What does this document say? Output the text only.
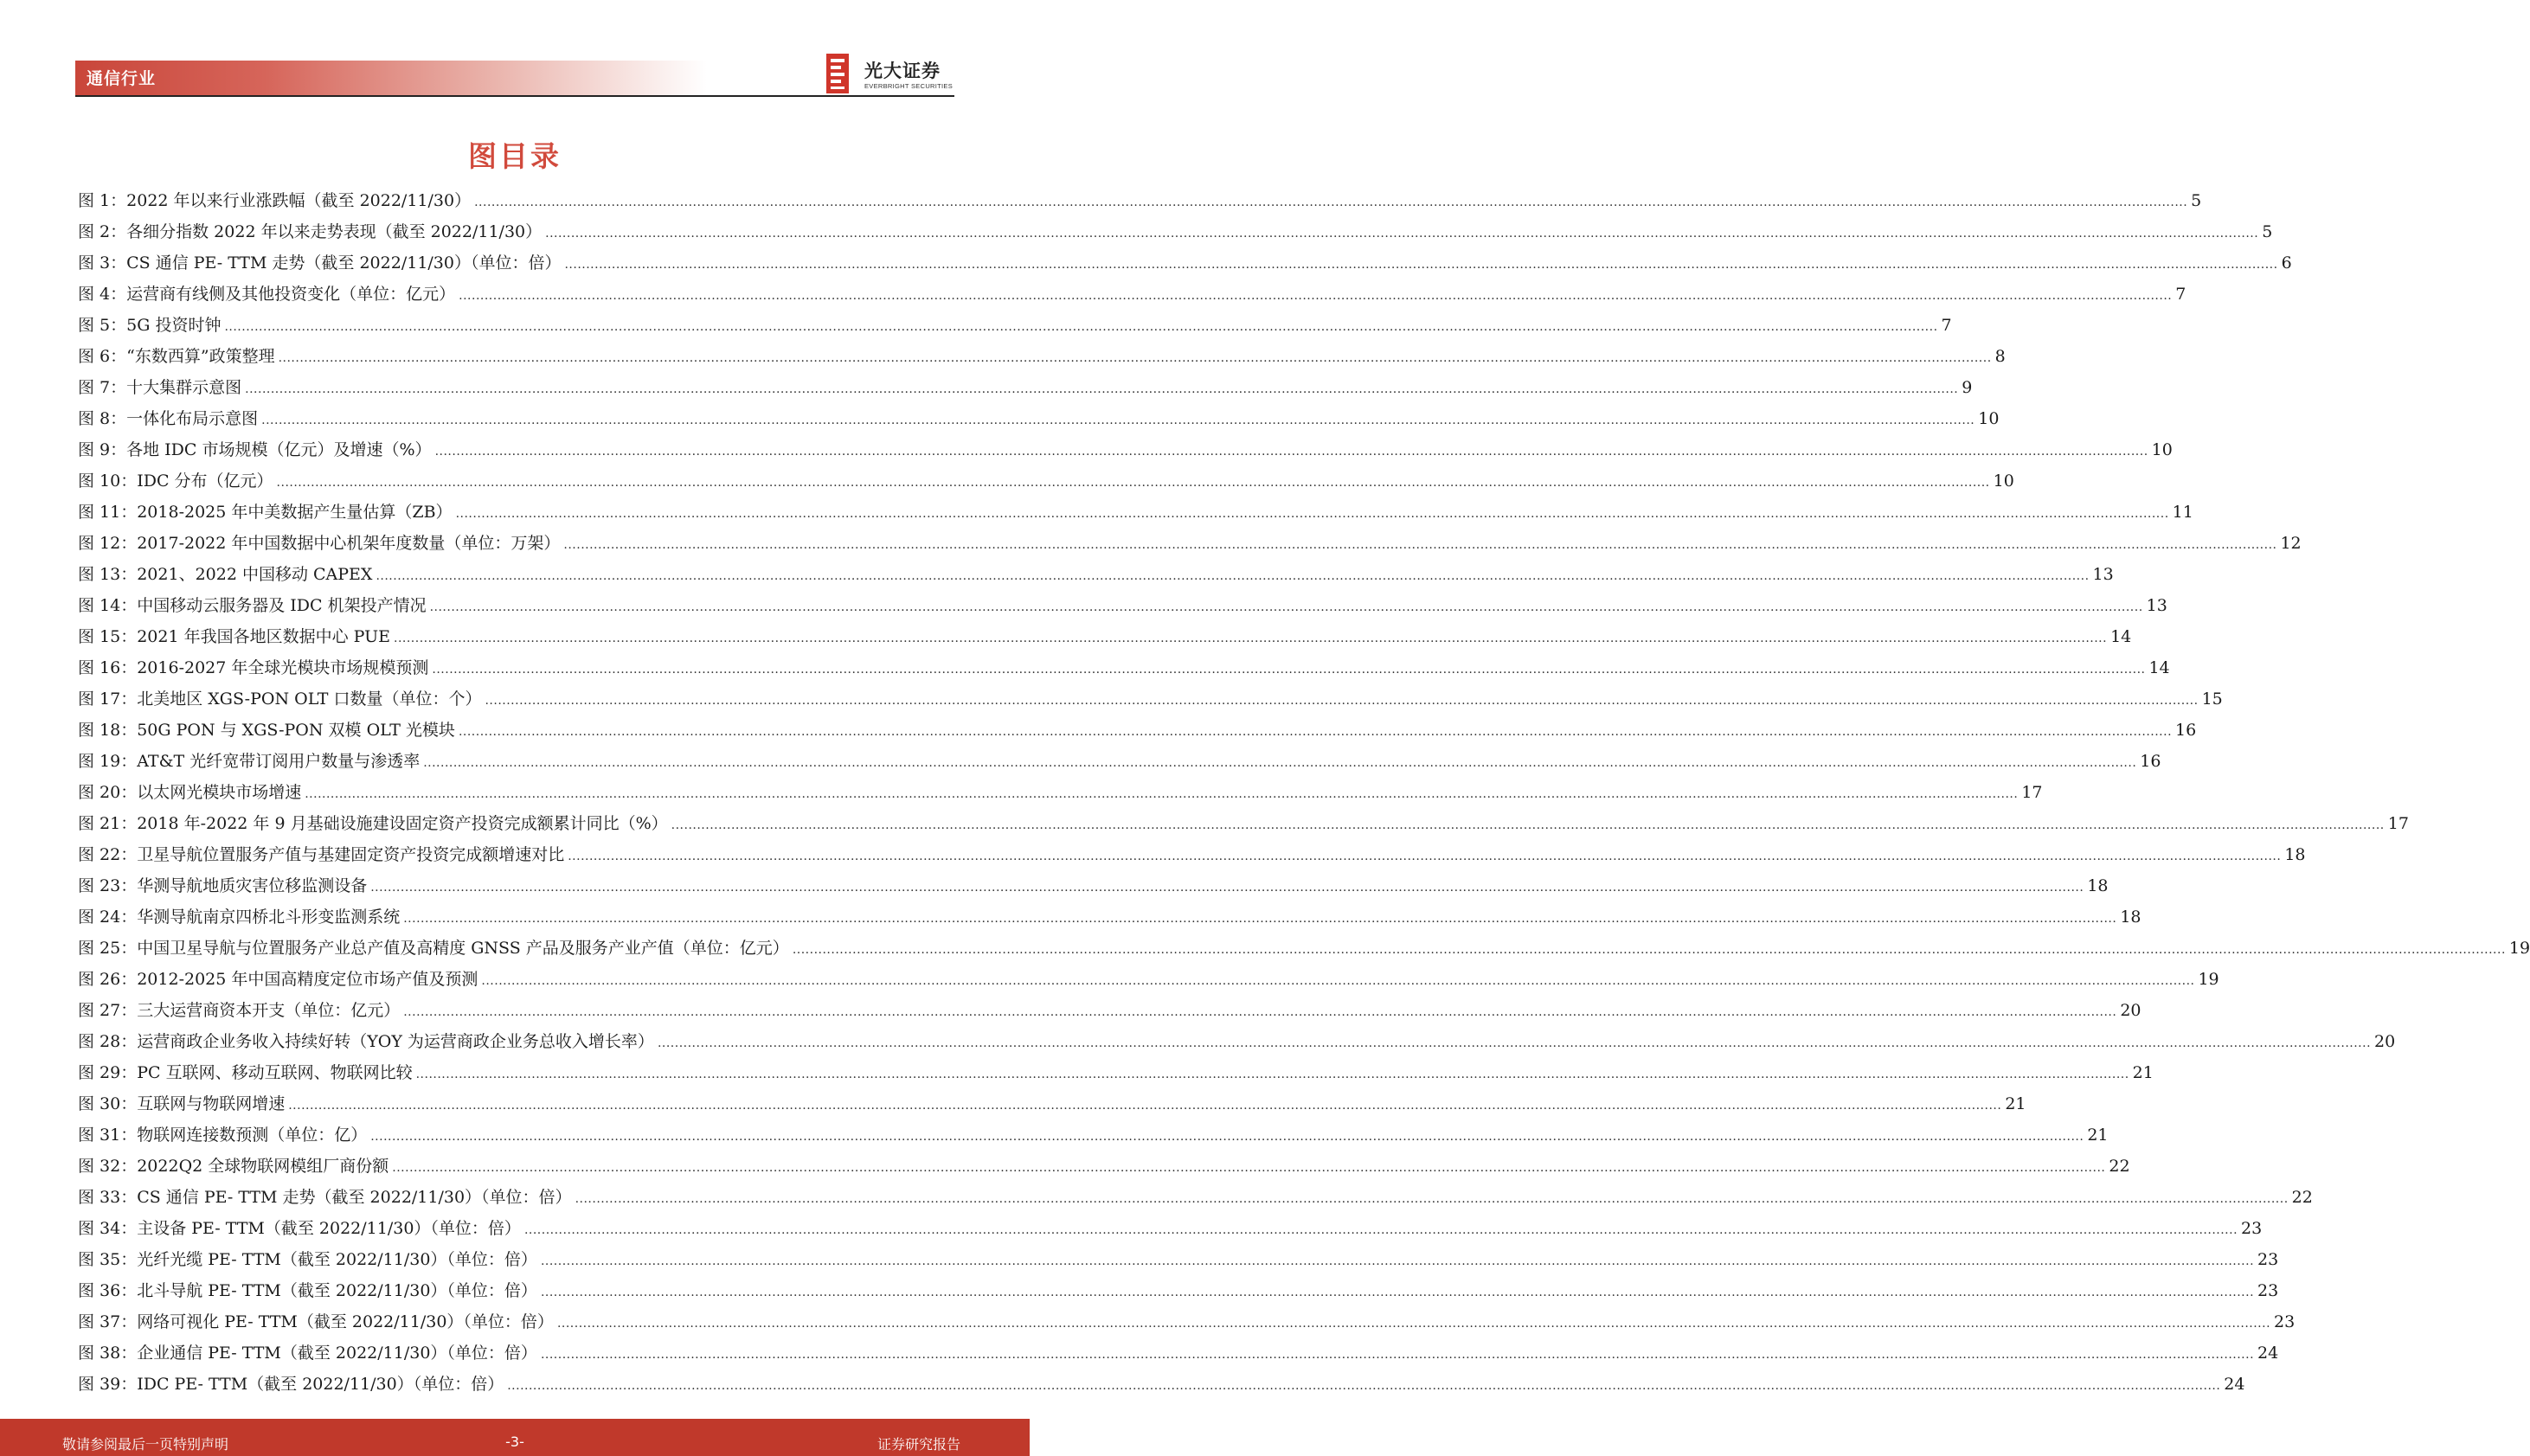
通信行业	光大证券
EVERBRIGHT SECURITIES
图目录
图 1： 2022 年以来行业涨跌幅（截至 2022/11/30） ................................................................................................................................................................................................................................................................................................................................................................................................................ 5
图 2： 各细分指数 2022 年以来走势表现（截至 2022/11/30） ................................................................................................................................................................................................................................................................................................................................................................................................................ 5
图 3： CS 通信 PE- TTM 走势（截至 2022/11/30）（单位：倍） ................................................................................................................................................................................................................................................................................................................................................................................................................ 6
图 4： 运营商有线侧及其他投资变化（单位：亿元） ................................................................................................................................................................................................................................................................................................................................................................................................................ 7
图 5： 5G 投资时钟 ................................................................................................................................................................................................................................................................................................................................................................................................................ 7
图 6： “东数西算”政策整理 ................................................................................................................................................................................................................................................................................................................................................................................................................ 8
图 7： 十大集群示意图 ................................................................................................................................................................................................................................................................................................................................................................................................................ 9
图 8： 一体化布局示意图 ................................................................................................................................................................................................................................................................................................................................................................................................................ 10
图 9： 各地 IDC 市场规模（亿元）及增速（%） ................................................................................................................................................................................................................................................................................................................................................................................................................ 10
图 10： IDC 分布（亿元） ................................................................................................................................................................................................................................................................................................................................................................................................................ 10
图 11： 2018-2025 年中美数据产生量估算（ZB） ................................................................................................................................................................................................................................................................................................................................................................................................................ 11
图 12： 2017-2022 年中国数据中心机架年度数量（单位：万架） ................................................................................................................................................................................................................................................................................................................................................................................................................ 12
图 13： 2021、2022 中国移动 CAPEX ................................................................................................................................................................................................................................................................................................................................................................................................................ 13
图 14： 中国移动云服务器及 IDC 机架投产情况 ................................................................................................................................................................................................................................................................................................................................................................................................................ 13
图 15： 2021 年我国各地区数据中心 PUE ................................................................................................................................................................................................................................................................................................................................................................................................................ 14
图 16： 2016-2027 年全球光模块市场规模预测 ................................................................................................................................................................................................................................................................................................................................................................................................................ 14
图 17： 北美地区 XGS-PON OLT 口数量（单位：个） ................................................................................................................................................................................................................................................................................................................................................................................................................ 15
图 18： 50G PON 与 XGS-PON 双模 OLT 光模块 ................................................................................................................................................................................................................................................................................................................................................................................................................ 16
图 19： AT&T 光纤宽带订阅用户数量与渗透率 ................................................................................................................................................................................................................................................................................................................................................................................................................ 16
图 20： 以太网光模块市场增速 ................................................................................................................................................................................................................................................................................................................................................................................................................ 17
图 21： 2018 年-2022 年 9 月基础设施建设固定资产投资完成额累计同比（%） ................................................................................................................................................................................................................................................................................................................................................................................................................ 17
图 22： 卫星导航位置服务产值与基建固定资产投资完成额增速对比 ................................................................................................................................................................................................................................................................................................................................................................................................................ 18
图 23： 华测导航地质灾害位移监测设备 ................................................................................................................................................................................................................................................................................................................................................................................................................ 18
图 24： 华测导航南京四桥北斗形变监测系统 ................................................................................................................................................................................................................................................................................................................................................................................................................ 18
图 25： 中国卫星导航与位置服务产业总产值及高精度 GNSS 产品及服务产业产值（单位：亿元） ................................................................................................................................................................................................................................................................................................................................................................................................................ 19
图 26： 2012-2025 年中国高精度定位市场产值及预测 ................................................................................................................................................................................................................................................................................................................................................................................................................ 19
图 27： 三大运营商资本开支（单位：亿元） ................................................................................................................................................................................................................................................................................................................................................................................................................ 20
图 28： 运营商政企业务收入持续好转（YOY 为运营商政企业务总收入增长率） ................................................................................................................................................................................................................................................................................................................................................................................................................ 20
图 29： PC 互联网、移动互联网、物联网比较 ................................................................................................................................................................................................................................................................................................................................................................................................................ 21
图 30： 互联网与物联网增速 ................................................................................................................................................................................................................................................................................................................................................................................................................ 21
图 31： 物联网连接数预测（单位：亿） ................................................................................................................................................................................................................................................................................................................................................................................................................ 21
图 32： 2022Q2 全球物联网模组厂商份额 ................................................................................................................................................................................................................................................................................................................................................................................................................ 22
图 33： CS 通信 PE- TTM 走势（截至 2022/11/30）（单位：倍） ................................................................................................................................................................................................................................................................................................................................................................................................................ 22
图 34： 主设备 PE- TTM（截至 2022/11/30）（单位：倍） ................................................................................................................................................................................................................................................................................................................................................................................................................ 23
图 35： 光纤光缆 PE- TTM（截至 2022/11/30）（单位：倍） ................................................................................................................................................................................................................................................................................................................................................................................................................ 23
图 36： 北斗导航 PE- TTM（截至 2022/11/30）（单位：倍） ................................................................................................................................................................................................................................................................................................................................................................................................................ 23
图 37： 网络可视化 PE- TTM（截至 2022/11/30）（单位：倍） ................................................................................................................................................................................................................................................................................................................................................................................................................ 23
图 38： 企业通信 PE- TTM（截至 2022/11/30）（单位：倍） ................................................................................................................................................................................................................................................................................................................................................................................................................ 24
图 39： IDC PE- TTM（截至 2022/11/30）（单位：倍） ................................................................................................................................................................................................................................................................................................................................................................................................................ 24
敬请参阅最后一页特别声明	-3-	证券研究报告
